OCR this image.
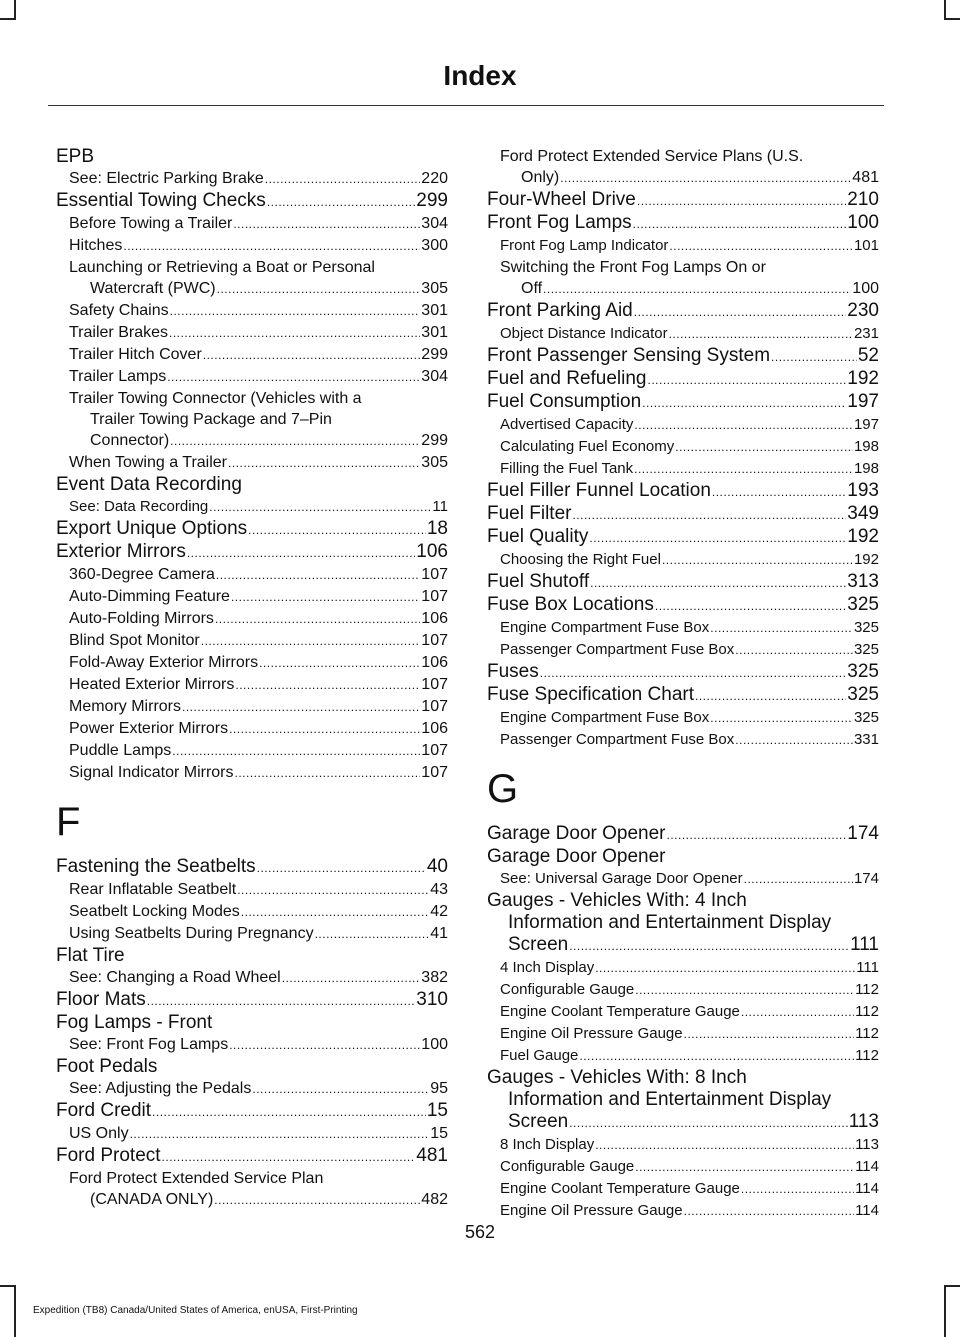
Index
EPB
See: Electric Parking Brake .....	220
Essential Towing Checks .....	299
Before Towing a Trailer .....	304
Hitches .....	300
Launching or Retrieving a Boat or Personal
Watercraft (PWC) .....	305
Safety Chains .....	301
Trailer Brakes .....	301
Trailer Hitch Cover .....	299
Trailer Lamps .....	304
Trailer Towing Connector (Vehicles with a
Trailer Towing Package and 7–Pin
Connector) .....	299
When Towing a Trailer .....	305
Event Data Recording
See: Data Recording .....	11
Export Unique Options .....	18
Exterior Mirrors .....	106
360-Degree Camera .....	107
Auto-Dimming Feature .....	107
Auto-Folding Mirrors .....	106
Blind Spot Monitor .....	107
Fold-Away Exterior Mirrors .....	106
Heated Exterior Mirrors .....	107
Memory Mirrors .....	107
Power Exterior Mirrors .....	106
Puddle Lamps .....	107
Signal Indicator Mirrors .....	107
F
Fastening the Seatbelts .....	40
Rear Inflatable Seatbelt .....	43
Seatbelt Locking Modes .....	42
Using Seatbelts During Pregnancy .....	41
Flat Tire
See: Changing a Road Wheel .....	382
Floor Mats .....	310
Fog Lamps - Front
See: Front Fog Lamps .....	100
Foot Pedals
See: Adjusting the Pedals .....	95
Ford Credit .....	15
US Only .....	15
Ford Protect .....	481
Ford Protect Extended Service Plan
(CANADA ONLY) .....	482
Ford Protect Extended Service Plans (U.S.
Only) .....	481
Four-Wheel Drive .....	210
Front Fog Lamps .....	100
Front Fog Lamp Indicator .....	101
Switching the Front Fog Lamps On or
Off .....	100
Front Parking Aid .....	230
Object Distance Indicator .....	231
Front Passenger Sensing System .....	52
Fuel and Refueling .....	192
Fuel Consumption .....	197
Advertised Capacity .....	197
Calculating Fuel Economy .....	198
Filling the Fuel Tank .....	198
Fuel Filler Funnel Location .....	193
Fuel Filter .....	349
Fuel Quality .....	192
Choosing the Right Fuel .....	192
Fuel Shutoff .....	313
Fuse Box Locations .....	325
Engine Compartment Fuse Box .....	325
Passenger Compartment Fuse Box .....	325
Fuses .....	325
Fuse Specification Chart .....	325
Engine Compartment Fuse Box .....	325
Passenger Compartment Fuse Box .....	331
G
Garage Door Opener .....	174
Garage Door Opener
See: Universal Garage Door Opener .....	174
Gauges - Vehicles With: 4 Inch
Information and Entertainment Display
Screen .....	111
4 Inch Display .....	111
Configurable Gauge .....	112
Engine Coolant Temperature Gauge .....	112
Engine Oil Pressure Gauge .....	112
Fuel Gauge .....	112
Gauges - Vehicles With: 8 Inch
Information and Entertainment Display
Screen .....	113
8 Inch Display .....	113
Configurable Gauge .....	114
Engine Coolant Temperature Gauge .....	114
Engine Oil Pressure Gauge .....	114
562
Expedition (TB8) Canada/United States of America, enUSA, First-Printing
